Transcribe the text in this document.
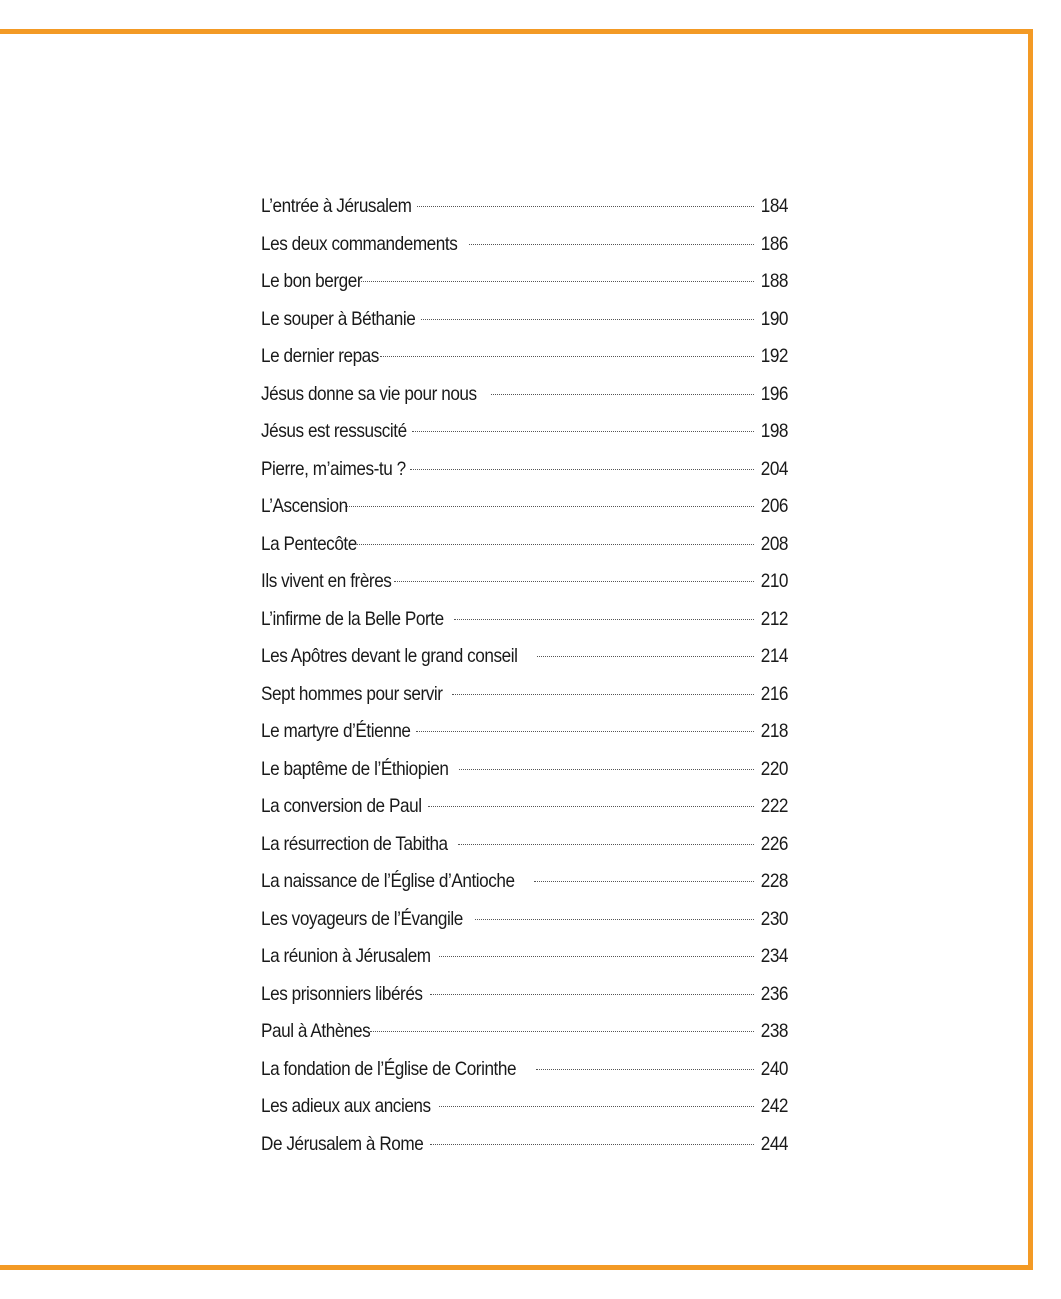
L’entrée à Jérusalem	184
Les deux commandements	186
Le bon berger	188
Le souper à Béthanie	190
Le dernier repas	192
Jésus donne sa vie pour nous	196
Jésus est ressuscité	198
Pierre, m’aimes-tu ?	204
L’Ascension	206
La Pentecôte	208
Ils vivent en frères	210
L’infirme de la Belle Porte	212
Les Apôtres devant le grand conseil	214
Sept hommes pour servir	216
Le martyre d’Étienne	218
Le baptême de l’Éthiopien	220
La conversion de Paul	222
La résurrection de Tabitha	226
La naissance de l’Église d’Antioche	228
Les voyageurs de l’Évangile	230
La réunion à Jérusalem	234
Les prisonniers libérés	236
Paul à Athènes	238
La fondation de l’Église de Corinthe	240
Les adieux aux anciens	242
De Jérusalem à Rome	244
